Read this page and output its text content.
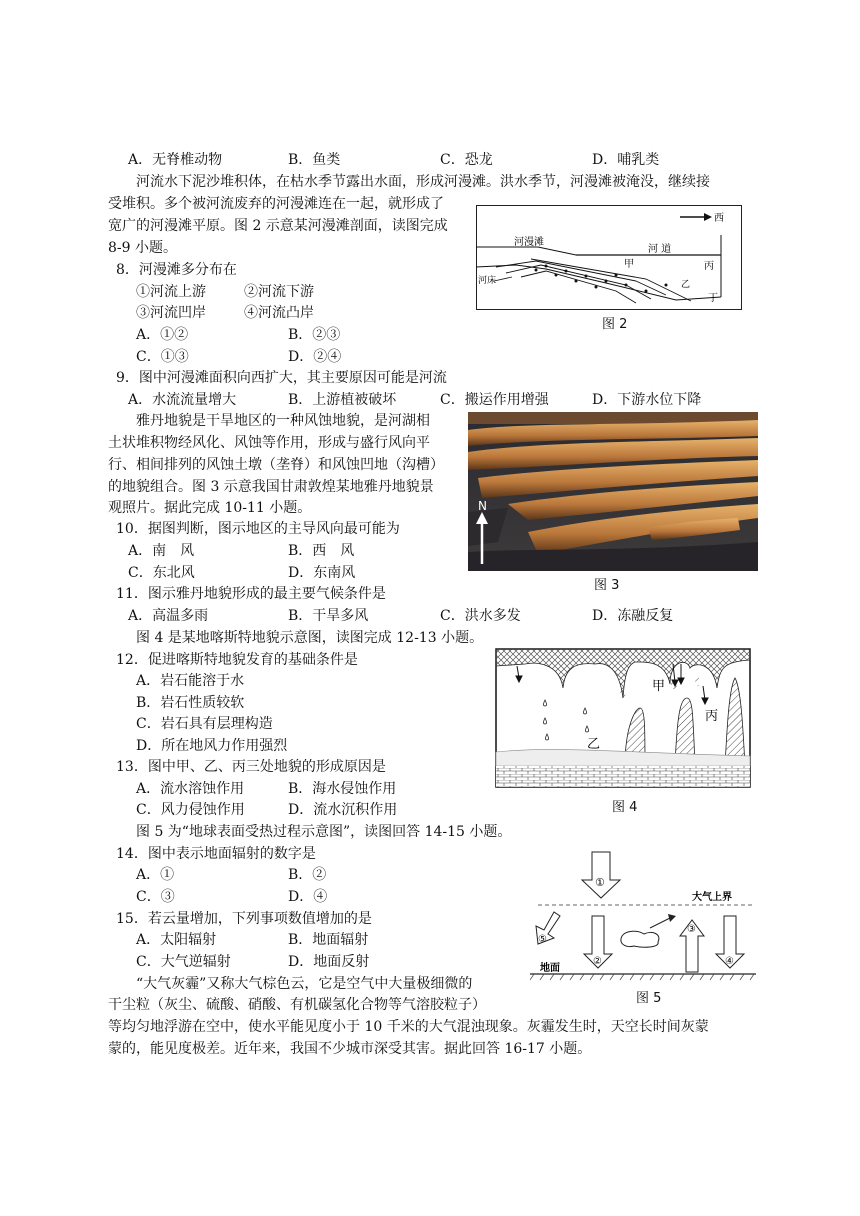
A．无脊椎动物	B．鱼类	C．恐龙	D．哺乳类
河流水下泥沙堆积体，在枯水季节露出水面，形成河漫滩。洪水季节，河漫滩被淹没，继续接
受堆积。多个被河流废弃的河漫滩连在一起，就形成了
宽广的河漫滩平原。图 2 示意某河漫滩剖面，读图完成
8-9 小题。
8．河漫滩多分布在
①河流上游	②河流下游
③河流凹岸	④河流凸岸
A．①②	B．②③
C．①③	D．②④
西
河漫滩
河 道
河床
甲	丙
乙
丁
图 2
9．图中河漫滩面积向西扩大，其主要原因可能是河流
A．水流流量增大	B．上游植被破坏	C．搬运作用增强	D．下游水位下降
雅丹地貌是干旱地区的一种风蚀地貌，是河湖相
土状堆积物经风化、风蚀等作用，形成与盛行风向平
行、相间排列的风蚀土墩（垄脊）和风蚀凹地（沟槽）
的地貌组合。图 3 示意我国甘肃敦煌某地雅丹地貌景
观照片。据此完成 10-11 小题。	N
图 3
10．据图判断，图示地区的主导风向最可能为
A．南　风	B．西　风
C．东北风	D．东南风
11．图示雅丹地貌形成的最主要气候条件是
A．高温多雨	B．干旱多风	C．洪水多发	D．冻融反复
图 4 是某地喀斯特地貌示意图，读图完成 12-13 小题。
12．促进喀斯特地貌发育的基础条件是
A．岩石能溶于水
B．岩石性质较软
C．岩石具有层理构造
D．所在地风力作用强烈
甲
乙
丙
图 4
13．图中甲、乙、丙三处地貌的形成原因是
A．流水溶蚀作用	B．海水侵蚀作用
C．风力侵蚀作用	D．流水沉积作用
图 5 为“地球表面受热过程示意图”，读图回答 14-15 小题。
14．图中表示地面辐射的数字是
A．①	B．②
C．③	D．④
15．若云量增加，下列事项数值增加的是
A．太阳辐射	B．地面辐射
C．大气逆辐射	D．地面反射
①
大气上界
⑤
②
③
④
地面
图 5
“大气灰霾”又称大气棕色云，它是空气中大量极细微的
干尘粒（灰尘、硫酸、硝酸、有机碳氢化合物等气溶胶粒子）
等均匀地浮游在空中，使水平能见度小于 10 千米的大气混浊现象。灰霾发生时，天空长时间灰蒙
蒙的，能见度极差。近年来，我国不少城市深受其害。据此回答 16-17 小题。
